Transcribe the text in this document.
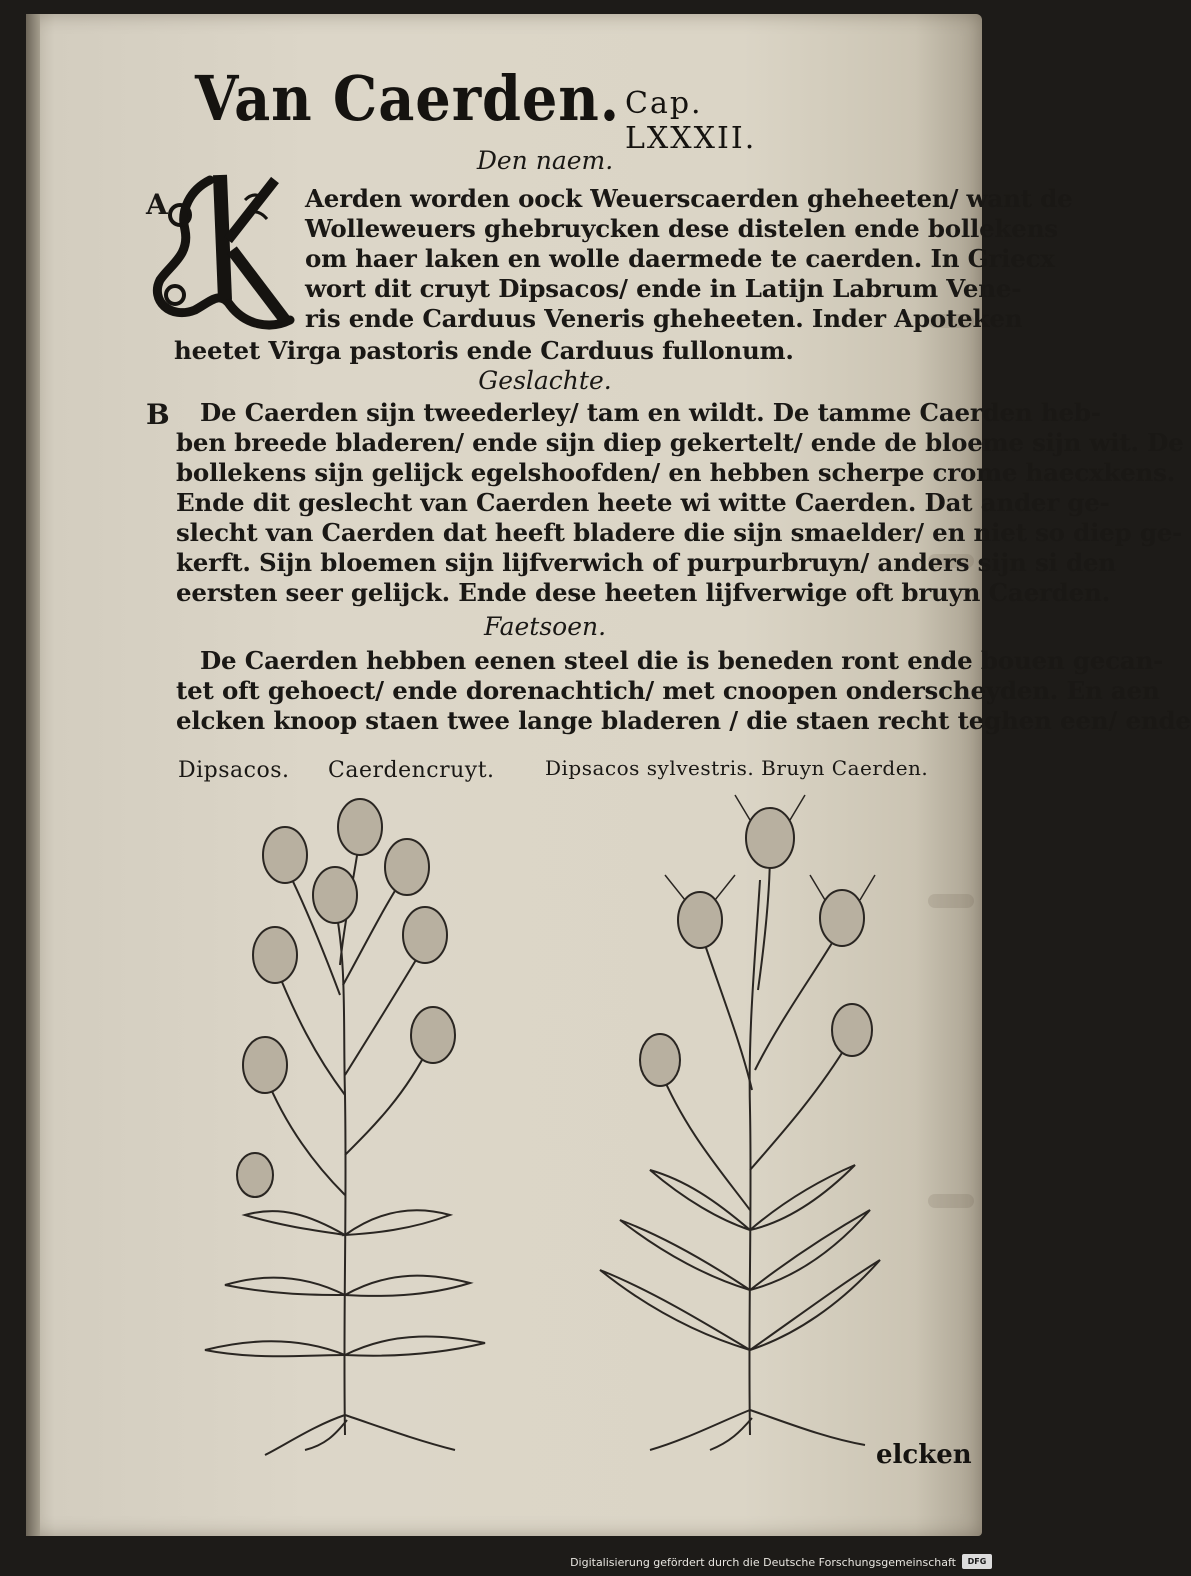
Van Caerden. Cap. LXXXII.
Den naem.
A	Aerden worden oock Weuerscaerden gheheeten/ want de
Wolleweuers ghebruycken dese distelen ende bollekens
om haer laken en wolle daermede te caerden. In Griecx
wort dit cruyt Dipsacos/ ende in Latijn Labrum Vene-
ris ende Carduus Veneris gheheeten. Inder Apoteken
heetet Virga pastoris ende Carduus fullonum.
Geslachte.
B De Caerden sijn tweederley/ tam en wildt. De tamme Caerden heb-
ben breede bladeren/ ende sijn diep gekertelt/ ende de bloeme sijn wit. De
bollekens sijn gelijck egelshoofden/ en hebben scherpe crome haecxkens.
Ende dit geslecht van Caerden heete wi witte Caerden. Dat ander ge-
slecht van Caerden dat heeft bladere die sijn smaelder/ en niet so diep ge-
kerft. Sijn bloemen sijn lijfverwich of purpurbruyn/ anders sijn si den
eersten seer gelijck. Ende dese heeten lijfverwige oft bruyn Caerden.
Faetsoen.
De Caerden hebben eenen steel die is beneden ront ende bouen gecan-
tet oft gehoect/ ende dorenachtich/ met cnoopen onderscheyden. En aen
elcken knoop staen twee lange bladeren / die staen recht teghen een/ ende
Dipsacos. Caerdencruyt.	Dipsacos sylvestris. Bruyn Caerden.
elcken
Digitalisierung gefördert durch die Deutsche Forschungsgemeinschaft	DFG
